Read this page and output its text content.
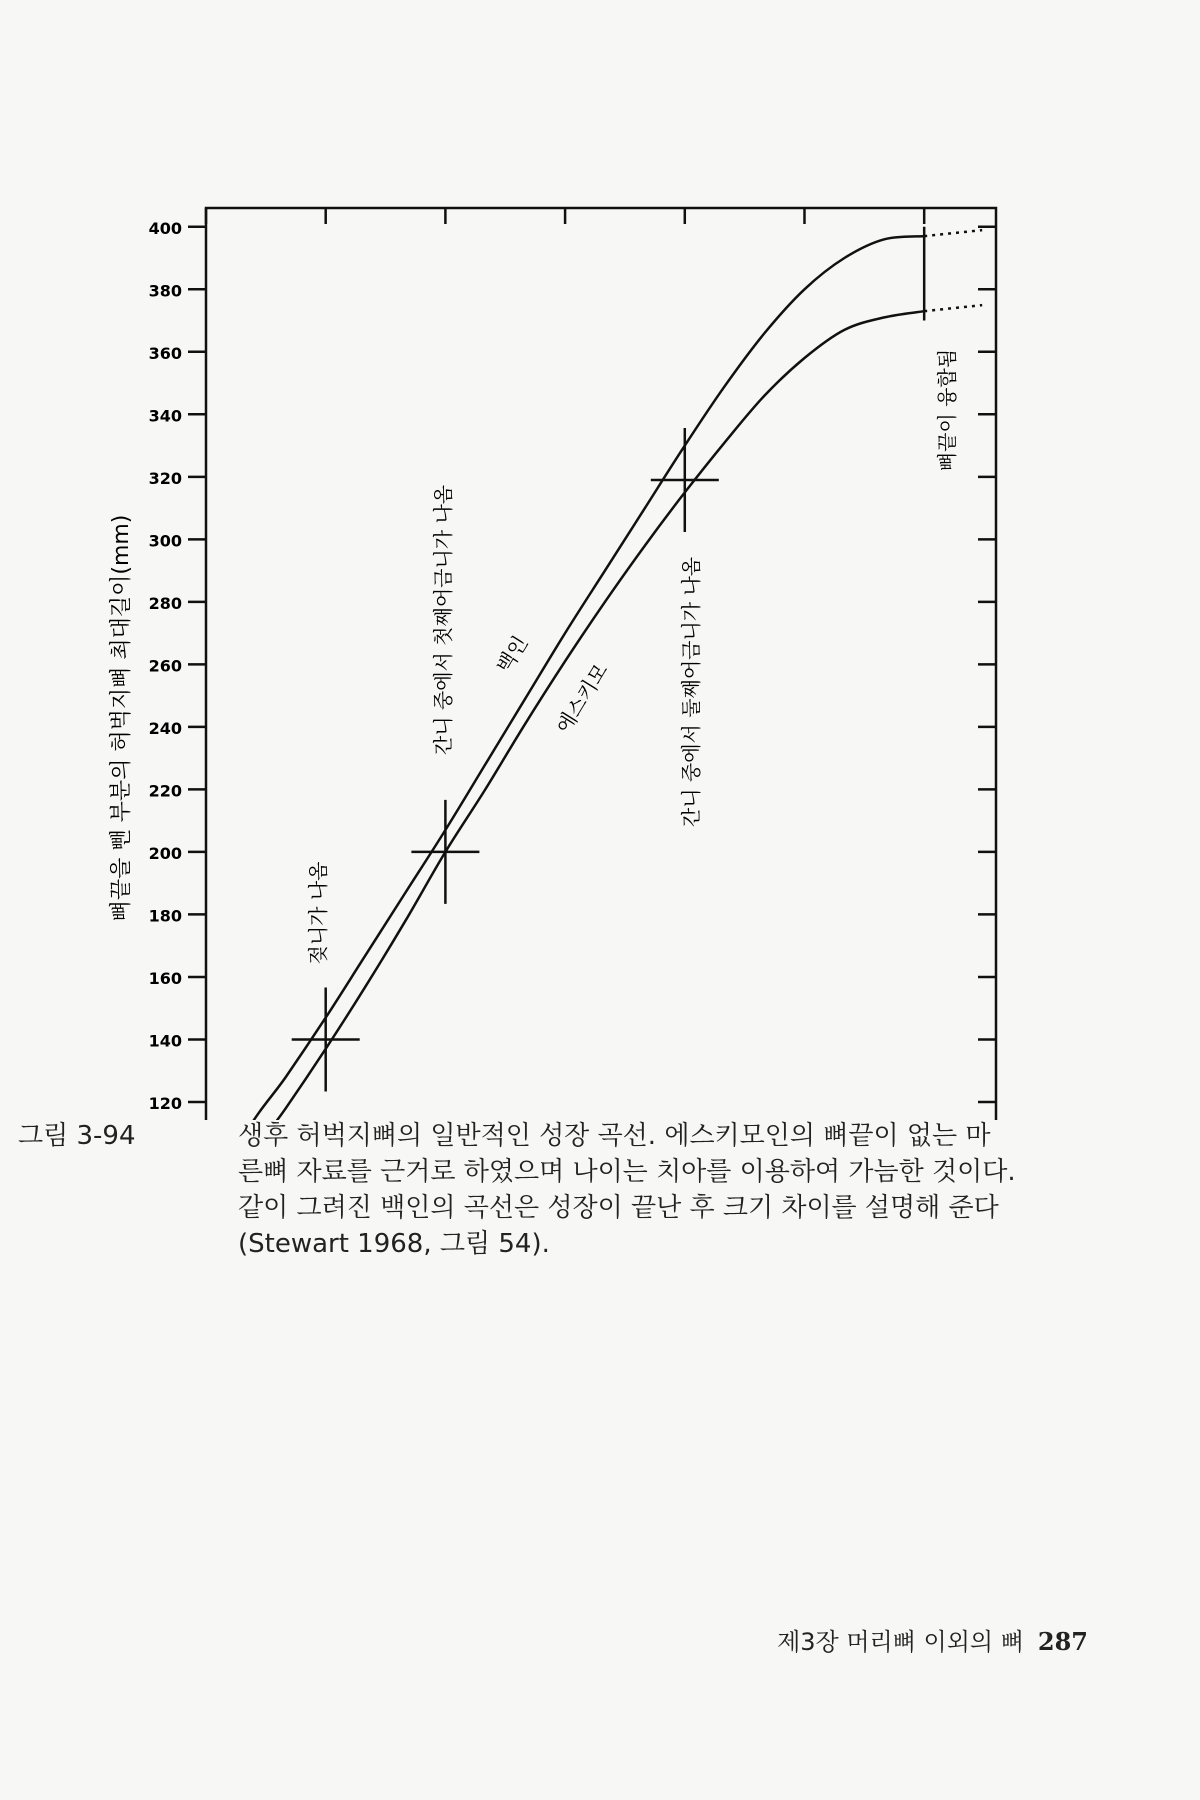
120
140
160
180
200
220
240
260
280
300
320
340
360
380
400
뼈끝을 뺀 부분의 허벅지뼈 최대길이(mm)	백인
에스키모
젖니가 나옴
간니 중에서 첫째어금니가 나옴	간니 중에서 둘째어금니가 나옴
뼈끝이 융합됨
그림 3-94	생후 허벅지뼈의 일반적인 성장 곡선. 에스키모인의 뼈끝이 없는 마
른뼈 자료를 근거로 하였으며 나이는 치아를 이용하여 가늠한 것이다.
같이 그려진 백인의 곡선은 성장이 끝난 후 크기 차이를 설명해 준다
(Stewart 1968, 그림 54).
제3장 머리뼈 이외의 뼈 287
